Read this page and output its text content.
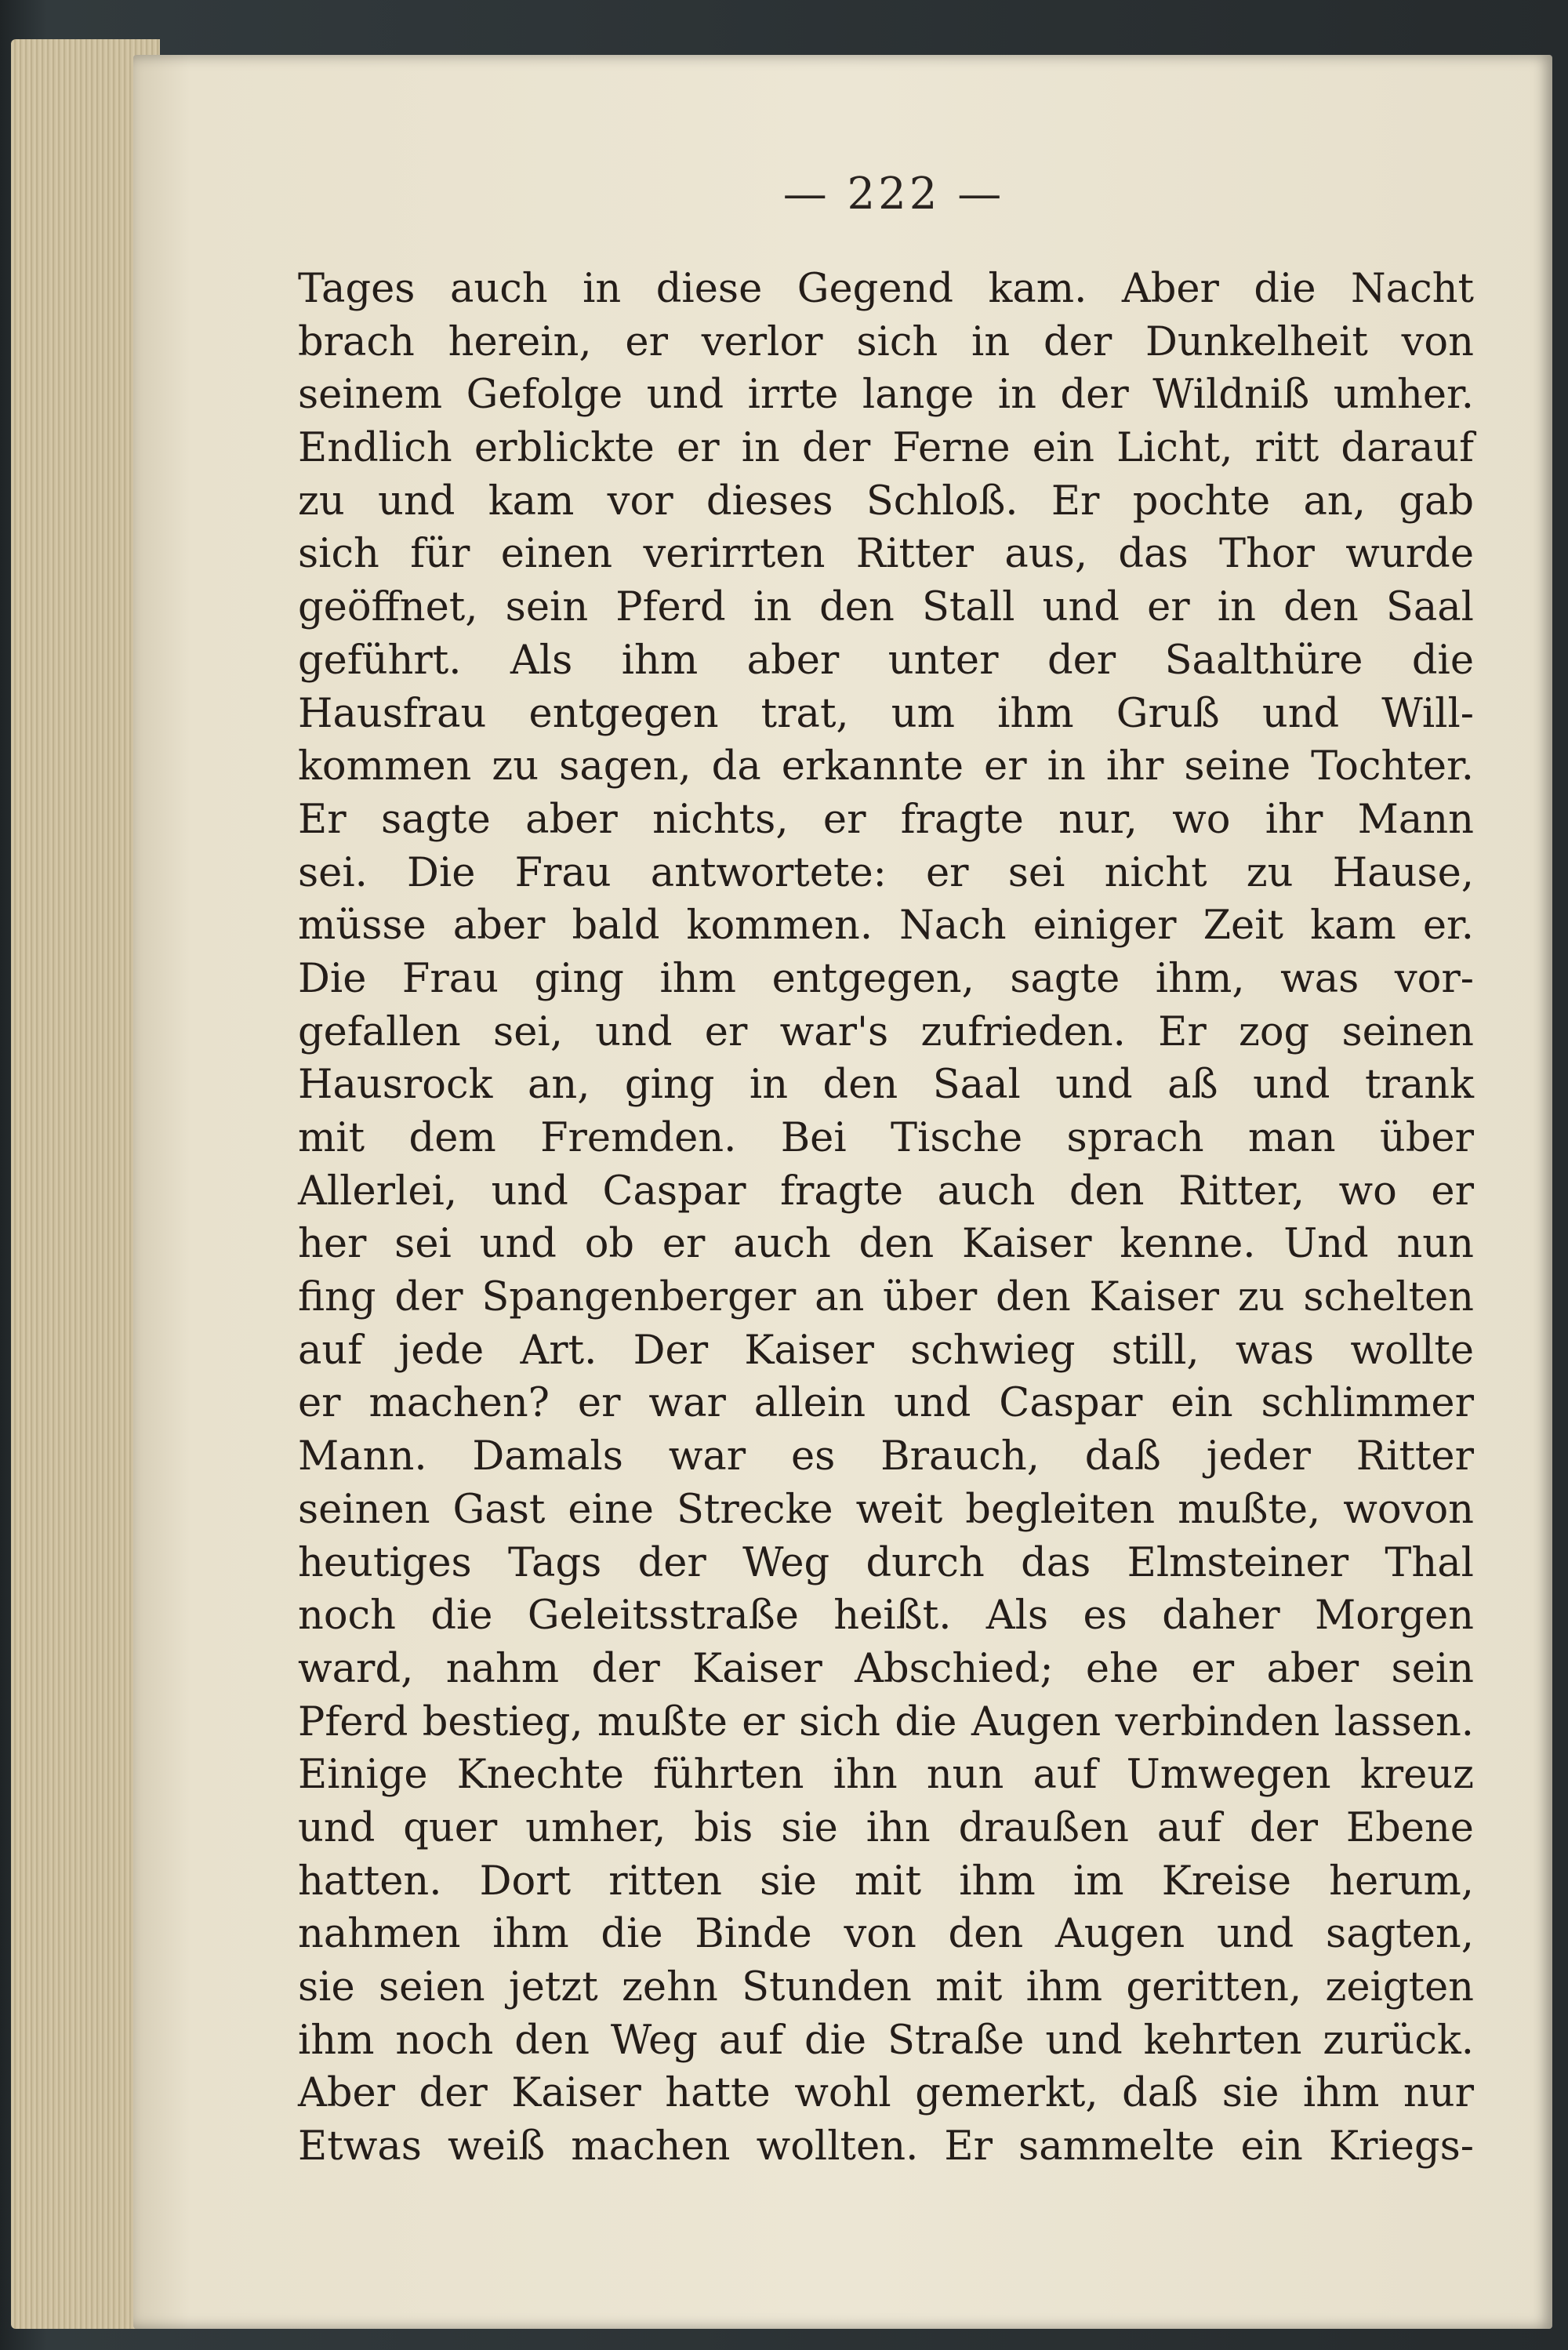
— 222 —
Tages auch in diese Gegend kam. Aber die Nacht
brach herein, er verlor sich in der Dunkelheit von
seinem Gefolge und irrte lange in der Wildniß umher.
Endlich erblickte er in der Ferne ein Licht, ritt darauf
zu und kam vor dieses Schloß. Er pochte an, gab
sich für einen verirrten Ritter aus, das Thor wurde
geöffnet, sein Pferd in den Stall und er in den Saal
geführt. Als ihm aber unter der Saalthüre die
Hausfrau entgegen trat, um ihm Gruß und Will-
kommen zu sagen, da erkannte er in ihr seine Tochter.
Er sagte aber nichts, er fragte nur, wo ihr Mann
sei. Die Frau antwortete: er sei nicht zu Hause,
müsse aber bald kommen. Nach einiger Zeit kam er.
Die Frau ging ihm entgegen, sagte ihm, was vor-
gefallen sei, und er war's zufrieden. Er zog seinen
Hausrock an, ging in den Saal und aß und trank
mit dem Fremden. Bei Tische sprach man über
Allerlei, und Caspar fragte auch den Ritter, wo er
her sei und ob er auch den Kaiser kenne. Und nun
fing der Spangenberger an über den Kaiser zu schelten
auf jede Art. Der Kaiser schwieg still, was wollte
er machen? er war allein und Caspar ein schlimmer
Mann. Damals war es Brauch, daß jeder Ritter
seinen Gast eine Strecke weit begleiten mußte, wovon
heutiges Tags der Weg durch das Elmsteiner Thal
noch die Geleitsstraße heißt. Als es daher Morgen
ward, nahm der Kaiser Abschied; ehe er aber sein
Pferd bestieg, mußte er sich die Augen verbinden lassen.
Einige Knechte führten ihn nun auf Umwegen kreuz
und quer umher, bis sie ihn draußen auf der Ebene
hatten. Dort ritten sie mit ihm im Kreise herum,
nahmen ihm die Binde von den Augen und sagten,
sie seien jetzt zehn Stunden mit ihm geritten, zeigten
ihm noch den Weg auf die Straße und kehrten zurück.
Aber der Kaiser hatte wohl gemerkt, daß sie ihm nur
Etwas weiß machen wollten. Er sammelte ein Kriegs-
